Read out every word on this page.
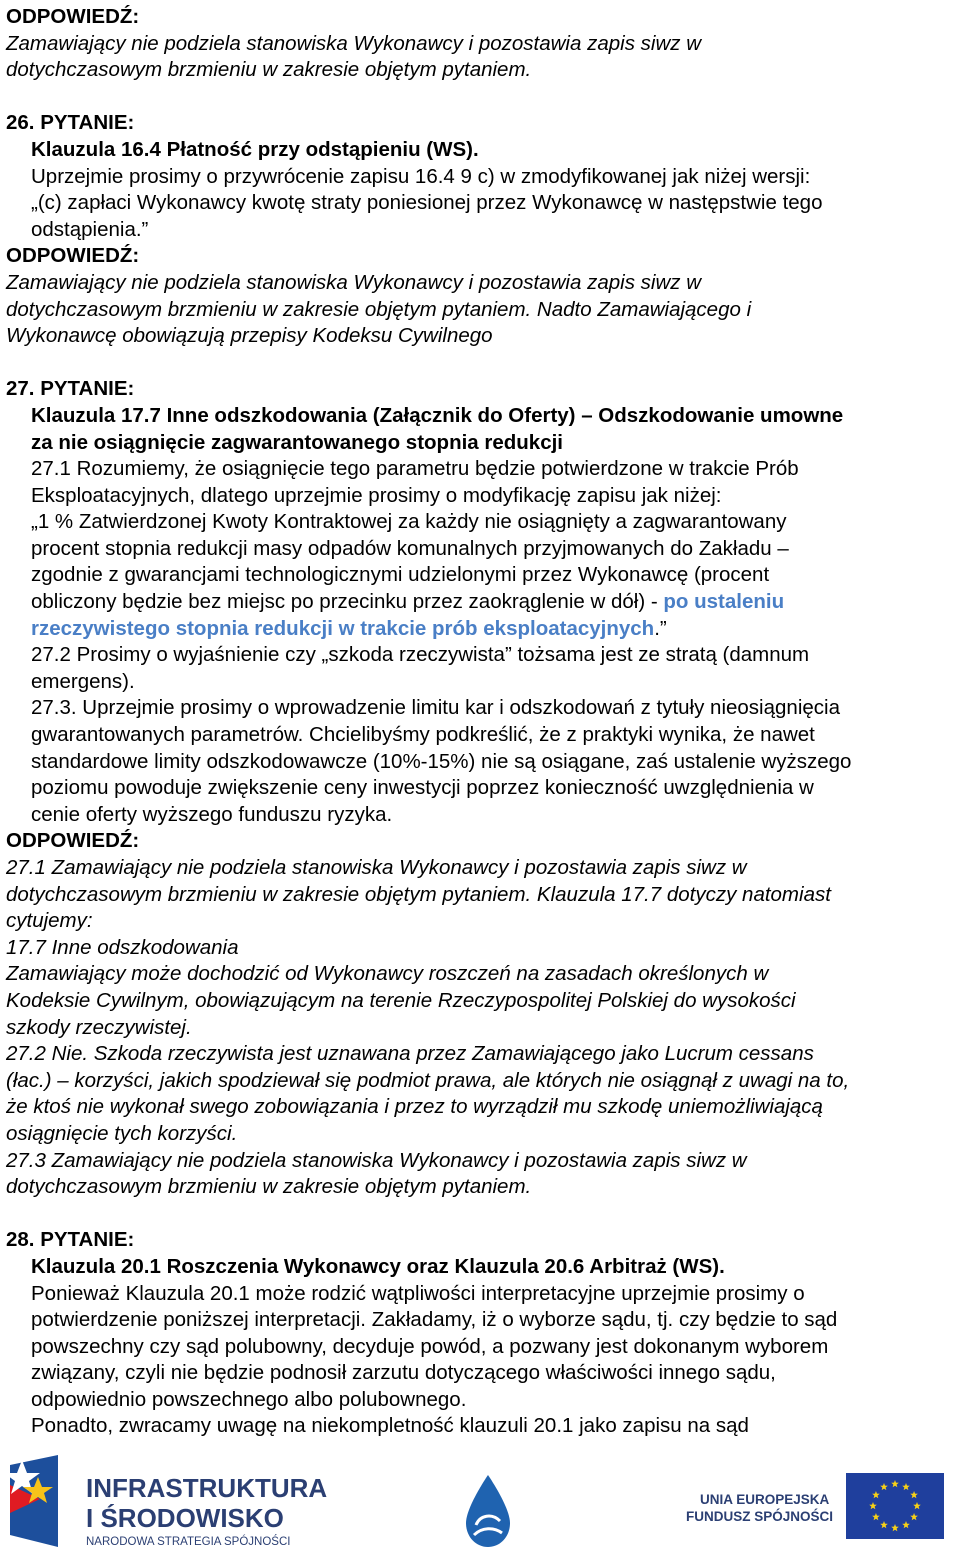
ODPOWIEDŹ:
Zamawiający nie podziela stanowiska Wykonawcy i pozostawia zapis siwz w
dotychczasowym brzmieniu w zakresie objętym pytaniem.
26. PYTANIE:
Klauzula 16.4 Płatność przy odstąpieniu (WS).
Uprzejmie prosimy o przywrócenie zapisu 16.4 9 c) w zmodyfikowanej jak niżej wersji:
„(c) zapłaci Wykonawcy kwotę straty poniesionej przez Wykonawcę w następstwie tego
odstąpienia.”
ODPOWIEDŹ:
Zamawiający nie podziela stanowiska Wykonawcy i pozostawia zapis siwz w
dotychczasowym brzmieniu w zakresie objętym pytaniem. Nadto Zamawiającego i
Wykonawcę obowiązują przepisy Kodeksu Cywilnego
27. PYTANIE:
Klauzula 17.7 Inne odszkodowania (Załącznik do Oferty) – Odszkodowanie umowne
za nie osiągnięcie zagwarantowanego stopnia redukcji
27.1 Rozumiemy, że osiągnięcie tego parametru będzie potwierdzone w trakcie Prób
Eksploatacyjnych, dlatego uprzejmie prosimy o modyfikację zapisu jak niżej:
„1 % Zatwierdzonej Kwoty Kontraktowej za każdy nie osiągnięty a zagwarantowany
procent stopnia redukcji masy odpadów komunalnych przyjmowanych do Zakładu –
zgodnie z gwarancjami technologicznymi udzielonymi przez Wykonawcę (procent
obliczony będzie bez miejsc po przecinku przez zaokrąglenie w dół) - po ustaleniu
rzeczywistego stopnia redukcji w trakcie prób eksploatacyjnych.”
27.2 Prosimy o wyjaśnienie czy „szkoda rzeczywista” tożsama jest ze stratą (damnum
emergens).
27.3. Uprzejmie prosimy o wprowadzenie limitu kar i odszkodowań z tytuły nieosiągnięcia
gwarantowanych parametrów. Chcielibyśmy podkreślić, że z praktyki wynika, że nawet
standardowe limity odszkodowawcze (10%-15%) nie są osiągane, zaś ustalenie wyższego
poziomu powoduje zwiększenie ceny inwestycji poprzez konieczność uwzględnienia w
cenie oferty wyższego funduszu ryzyka.
ODPOWIEDŹ:
27.1 Zamawiający nie podziela stanowiska Wykonawcy i pozostawia zapis siwz w
dotychczasowym brzmieniu w zakresie objętym pytaniem. Klauzula 17.7 dotyczy natomiast
cytujemy:
17.7 Inne odszkodowania
Zamawiający może dochodzić od Wykonawcy roszczeń na zasadach określonych w
Kodeksie Cywilnym, obowiązującym na terenie Rzeczypospolitej Polskiej do wysokości
szkody rzeczywistej.
27.2 Nie. Szkoda rzeczywista jest uznawana przez Zamawiającego jako Lucrum cessans
(łac.) – korzyści, jakich spodziewał się podmiot prawa, ale których nie osiągnął z uwagi na to,
że ktoś nie wykonał swego zobowiązania i przez to wyrządził mu szkodę uniemożliwiającą
osiągnięcie tych korzyści.
27.3 Zamawiający nie podziela stanowiska Wykonawcy i pozostawia zapis siwz w
dotychczasowym brzmieniu w zakresie objętym pytaniem.
28. PYTANIE:
Klauzula 20.1 Roszczenia Wykonawcy oraz Klauzula 20.6 Arbitraż (WS).
Ponieważ Klauzula 20.1 może rodzić wątpliwości interpretacyjne uprzejmie prosimy o
potwierdzenie poniższej interpretacji. Zakładamy, iż o wyborze sądu, tj. czy będzie to sąd
powszechny czy sąd polubowny, decyduje powód, a pozwany jest dokonanym wyborem
związany, czyli nie będzie podnosił zarzutu dotyczącego właściwości innego sądu,
odpowiednio powszechnego albo polubownego.
Ponadto, zwracamy uwagę na niekompletność klauzuli 20.1 jako zapisu na sąd
INFRASTRUKTURA
I ŚRODOWISKO
NARODOWA STRATEGIA SPÓJNOŚCI
UNIA EUROPEJSKA
FUNDUSZ SPÓJNOŚCI
